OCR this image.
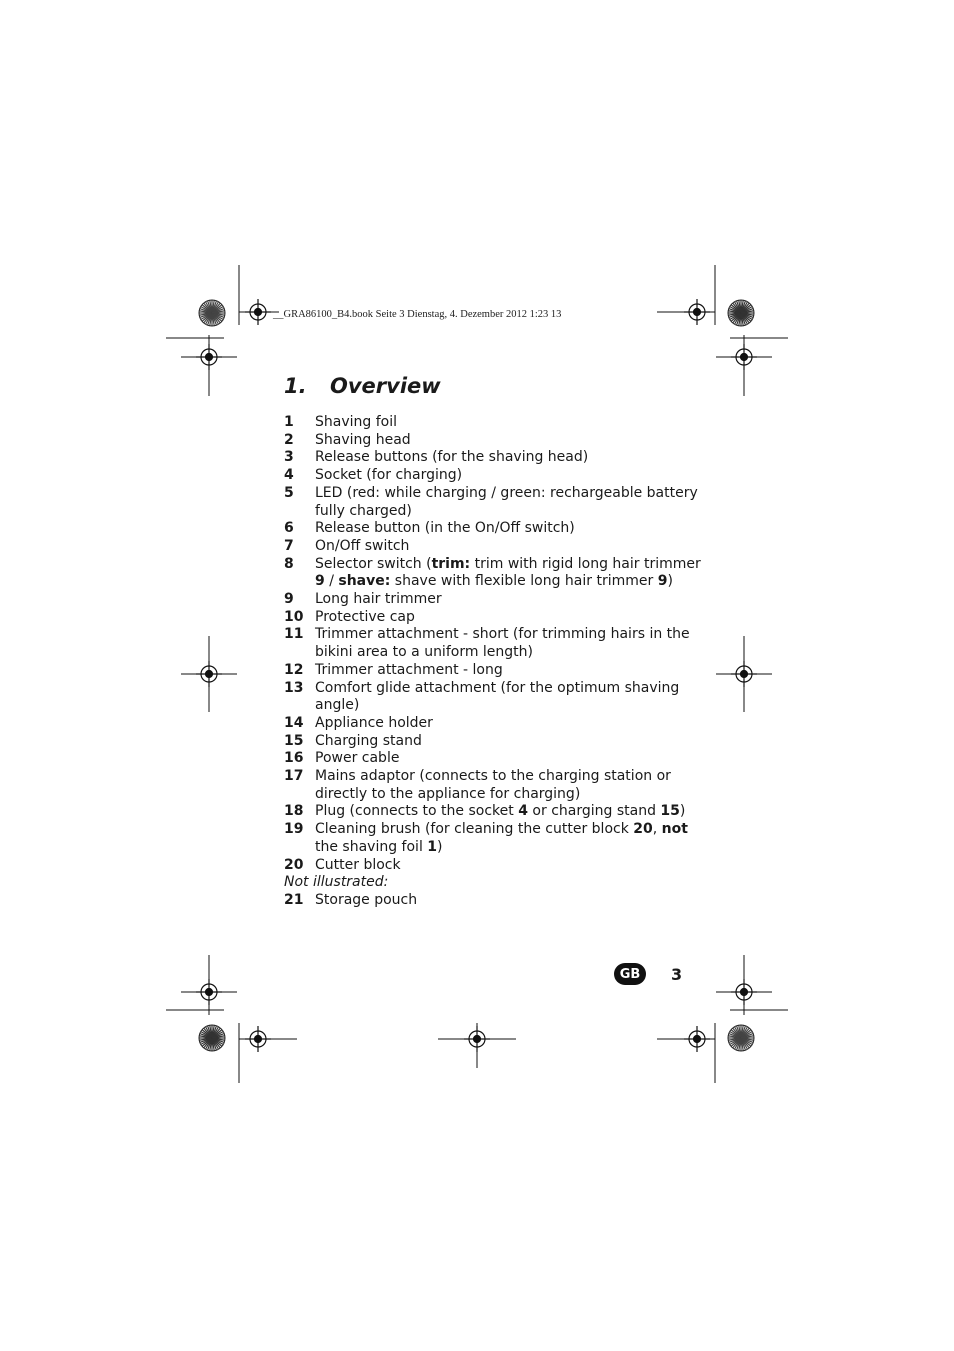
__GRA86100_B4.book Seite 3 Dienstag, 4. Dezember 2012 1:23 13
1. Overview
1	Shaving foil
2	Shaving head
3	Release buttons (for the shaving head)
4	Socket (for charging)
5	LED (red: while charging / green: rechargeable battery fully charged)
6	Release button (in the On/Off switch)
7	On/Off switch
8	Selector switch (trim: trim with rigid long hair trimmer 9 / shave: shave with flexible long hair trimmer 9)
9	Long hair trimmer
10 Protective cap
11 Trimmer attachment - short (for trimming hairs in the bikini area to a uniform length)
12 Trimmer attachment - long
13 Comfort glide attachment (for the optimum shaving angle)
14 Appliance holder
15 Charging stand
16 Power cable
17 Mains adaptor (connects to the charging station or directly to the appliance for charging)
18 Plug (connects to the socket 4 or charging stand 15)
19 Cleaning brush (for cleaning the cutter block 20, not the shaving foil 1)
20 Cutter block
Not illustrated:
21 Storage pouch
GB	3
